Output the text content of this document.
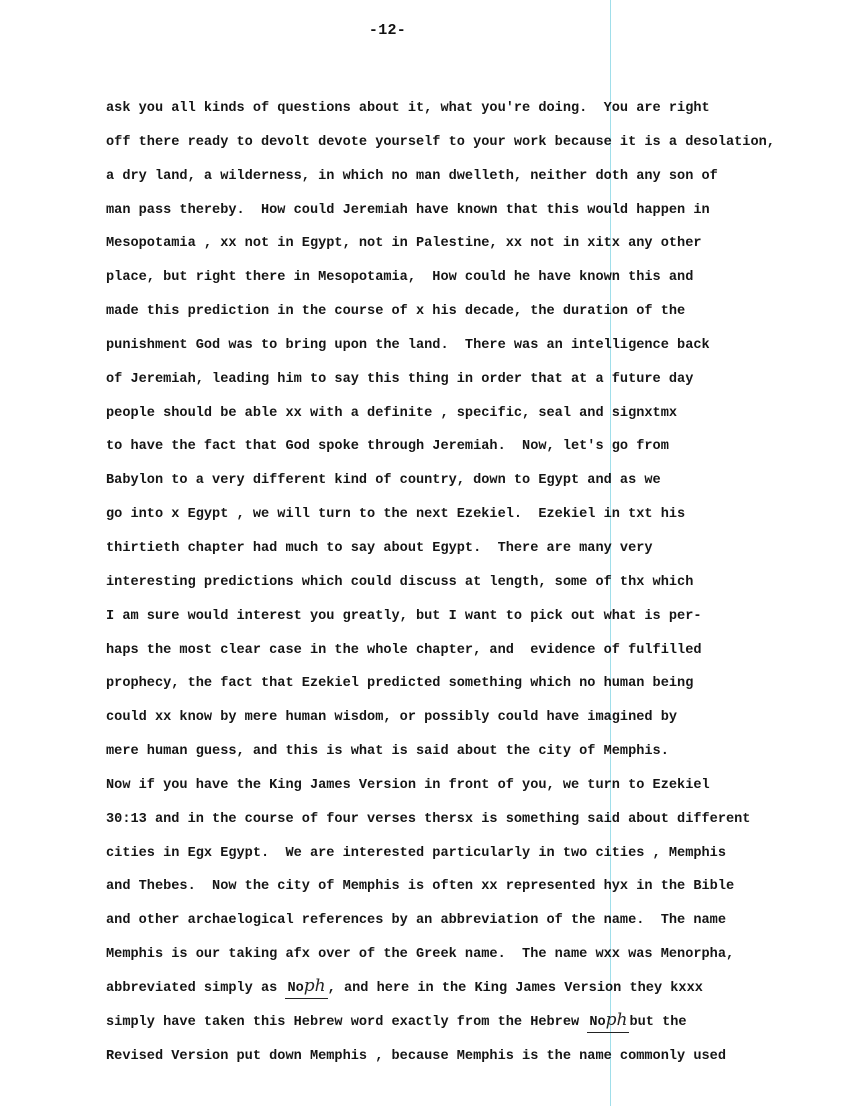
-12-
ask you all kinds of questions about it, what you're doing.  You are right
off there ready to devolt devote yourself to your work because it is a desolation,
a dry land, a wilderness, in which no man dwelleth, neither doth any son of
man pass thereby.  How could Jeremiah have known that this would happen in
Mesopotamia , xx not in Egypt, not in Palestine, xx not in xitx any other
place, but right there in Mesopotamia,  How could he have known this and
made this prediction in the course of x his decade, the duration of the
punishment God was to bring upon the land.  There was an intelligence back
of Jeremiah, leading him to say this thing in order that at a future day
people should be able xx with a definite , specific, seal and signxtmx
to have the fact that God spoke through Jeremiah.  Now, let's go from
Babylon to a very different kind of country, down to Egypt and as we
go into x Egypt , we will turn to the next Ezekiel.  Ezekiel in txt his
thirtieth chapter had much to say about Egypt.  There are many very
interesting predictions which could discuss at length, some of thx which
I am sure would interest you greatly, but I want to pick out what is per-
haps the most clear case in the whole chapter, and  evidence of fulfilled
prophecy, the fact that Ezekiel predicted something which no human being
could xx know by mere human wisdom, or possibly could have imagined by
mere human guess, and this is what is said about the city of Memphis.
Now if you have the King James Version in front of you, we turn to Ezekiel
30:13 and in the course of four verses thersx is something said about different
cities in Egx Egypt.  We are interested particularly in two cities , Memphis
and Thebes.  Now the city of Memphis is often xx represented hyx in the Bible
and other archaelogical references by an abbreviation of the name.  The name
Memphis is our taking afx over of the Greek name.  The name wxx was Menorpha,
abbreviated simply as Noph , and here in the King James Version they kxxx
simply have taken this Hebrew word exactly from the Hebrew Noph but the
Revised Version put down Memphis , because Memphis is the name commonly used
